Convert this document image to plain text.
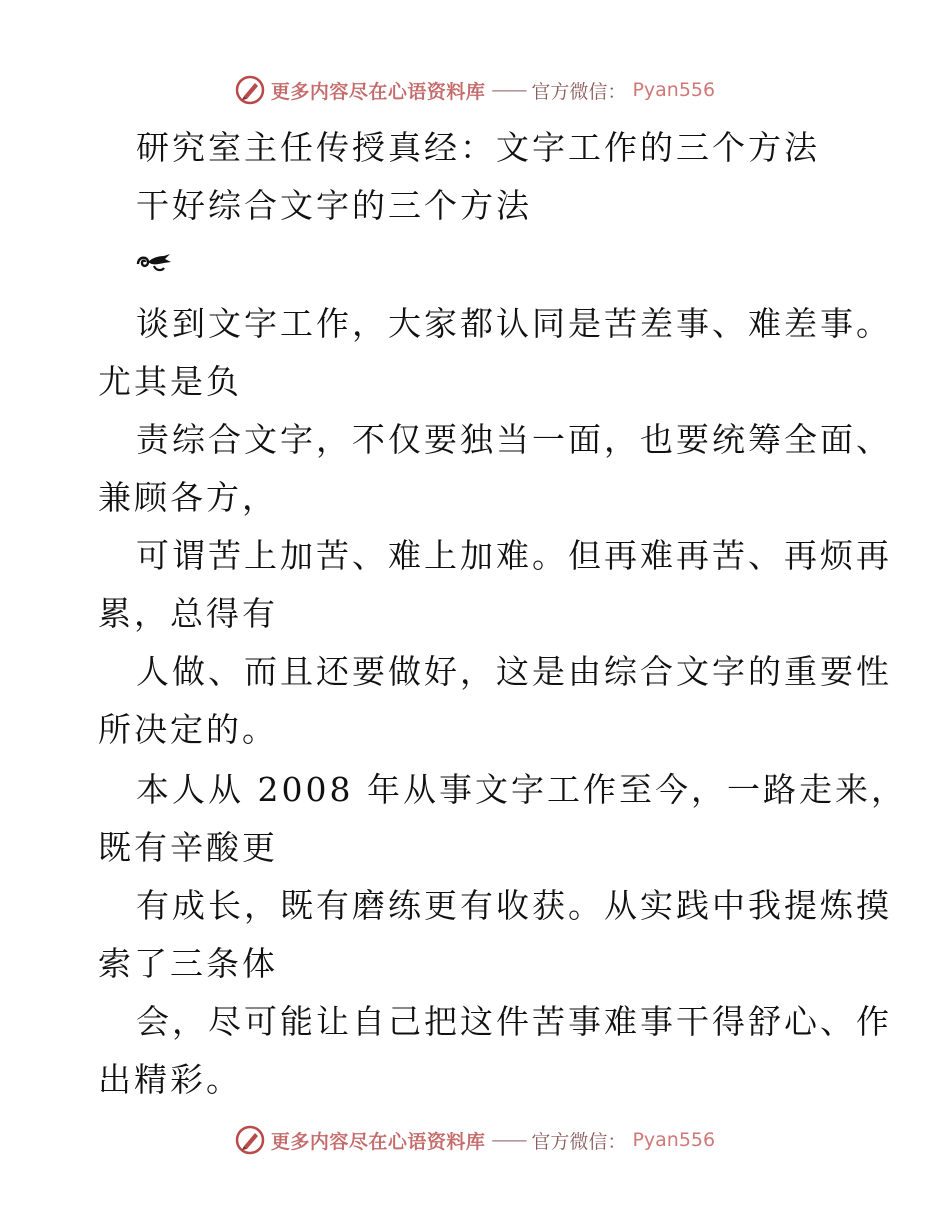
更多内容尽在心语资料库 —— 官方微信： Pyan556
研究室主任传授真经：文字工作的三个方法
干好综合文字的三个方法
谈到文字工作，大家都认同是苦差事、难差事。
尤其是负
责综合文字，不仅要独当一面，也要统筹全面、
兼顾各方，
可谓苦上加苦、难上加难。但再难再苦、再烦再
累，总得有
人做、而且还要做好，这是由综合文字的重要性
所决定的。
本人从 2008 年从事文字工作至今，一路走来，
既有辛酸更
有成长，既有磨练更有收获。从实践中我提炼摸
索了三条体
会，尽可能让自己把这件苦事难事干得舒心、作
出精彩。
更多内容尽在心语资料库 —— 官方微信： Pyan556
